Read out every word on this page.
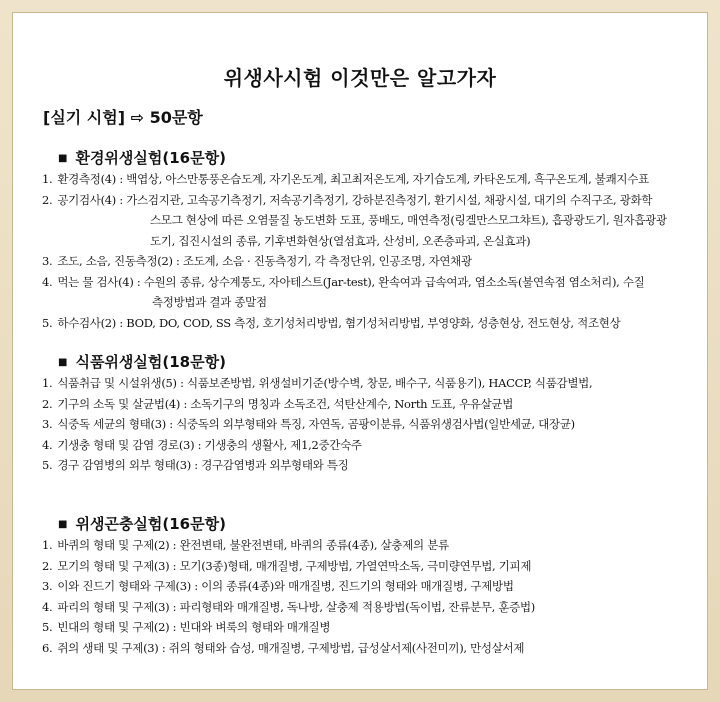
위생사시험 이것만은 알고가자
[실기 시험] ⇨ 50문항
■ 환경위생실험(16문항)
1. 환경측정(4) : 백엽상, 아스만통풍온습도계, 자기온도계, 최고최저온도계, 자기습도계, 카타온도계, 흑구온도계, 불쾌지수표
2. 공기검사(4) : 가스검지관, 고속공기측정기, 저속공기측정기, 강하분진측정기, 환기시설, 채광시설, 대기의 수직구조, 광화학
스모그 현상에 따른 오염물질 농도변화 도표, 풍배도, 매연측정(링겔만스모그챠트), 흡광광도기, 원자흡광광
도기, 집진시설의 종류, 기후변화현상(열섬효과, 산성비, 오존층파괴, 온실효과)
3. 조도, 소음, 진동측정(2) : 조도계, 소음 · 진동측정기, 각 측정단위, 인공조명, 자연채광
4. 먹는 물 검사(4) : 수원의 종류, 상수계통도, 자아테스트(Jar-test), 완속여과 급속여과, 염소소독(불연속점 염소처리), 수질
측정방법과 결과 종말점
5. 하수검사(2) : BOD, DO, COD, SS 측정, 호기성처리방법, 혐기성처리방법, 부영양화, 성층현상, 전도현상, 적조현상
■ 식품위생실험(18문항)
1. 식품취급 및 시설위생(5) : 식품보존방법, 위생설비기준(방수벽, 창문, 배수구, 식품용기), HACCP, 식품감별법,
2. 기구의 소독 및 살균법(4) : 소독기구의 명칭과 소독조건, 석탄산계수, North 도표, 우유살균법
3. 식중독 세균의 형태(3) : 식중독의 외부형태와 특징, 자연독, 곰팡이분류, 식품위생검사법(일반세균, 대장균)
4. 기생충 형태 및 감염 경로(3) : 기생충의 생활사, 제1,2중간숙주
5. 경구 감염병의 외부 형태(3) : 경구감염병과 외부형태와 특징
■ 위생곤충실험(16문항)
1. 바퀴의 형태 및 구제(2) : 완전변태, 불완전변태, 바퀴의 종류(4종), 살충제의 분류
2. 모기의 형태 및 구제(3) : 모기(3종)형태, 매개질병, 구제방법, 가열연막소독, 극미량연무법, 기피제
3. 이와 진드기 형태와 구제(3) : 이의 종류(4종)와 매개질병, 진드기의 형태와 매개질병, 구제방법
4. 파리의 형태 및 구제(3) : 파리형태와 매개질병, 독나방, 살충제 적용방법(독이법, 잔류분무, 훈증법)
5. 빈대의 형태 및 구제(2) : 빈대와 벼룩의 형태와 매개질병
6. 쥐의 생태 및 구제(3) : 쥐의 형태와 습성, 매개질병, 구제방법, 급성살서제(사전미끼), 만성살서제
